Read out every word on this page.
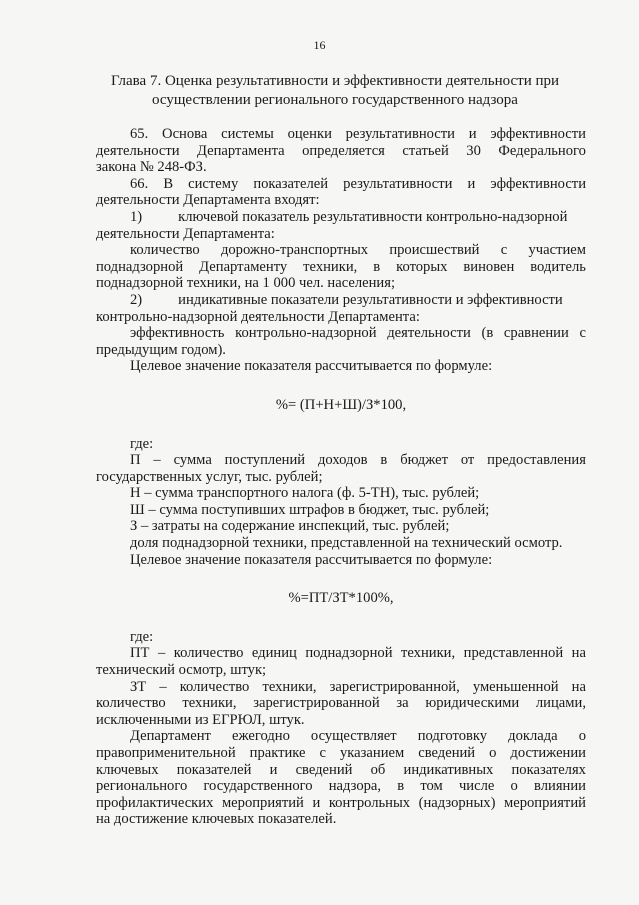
16
Глава 7. Оценка результативности и эффективности деятельности при
осуществлении регионального государственного надзора
65. Основа системы оценки результативности и эффективности
деятельности Департамента определяется статьей 30 Федерального
закона № 248-ФЗ.
66. В систему показателей результативности и эффективности
деятельности Департамента входят:
1) ключевой показатель результативности контрольно-надзорной
деятельности Департамента:
количество дорожно-транспортных происшествий с участием
поднадзорной Департаменту техники, в которых виновен водитель
поднадзорной техники, на 1 000 чел. населения;
2) индикативные показатели результативности и эффективности
контрольно-надзорной деятельности Департамента:
эффективность контрольно-надзорной деятельности (в сравнении с
предыдущим годом).
Целевое значение показателя рассчитывается по формуле:
%= (П+Н+Ш)/З*100,
где:
П – сумма поступлений доходов в бюджет от предоставления
государственных услуг, тыс. рублей;
Н – сумма транспортного налога (ф. 5-ТН), тыс. рублей;
Ш – сумма поступивших штрафов в бюджет, тыс. рублей;
З – затраты на содержание инспекций, тыс. рублей;
доля поднадзорной техники, представленной на технический осмотр.
Целевое значение показателя рассчитывается по формуле:
%=ПТ/ЗТ*100%,
где:
ПТ – количество единиц поднадзорной техники, представленной на
технический осмотр, штук;
ЗТ – количество техники, зарегистрированной, уменьшенной на
количество техники, зарегистрированной за юридическими лицами,
исключенными из ЕГРЮЛ, штук.
Департамент ежегодно осуществляет подготовку доклада о
правоприменительной практике с указанием сведений о достижении
ключевых показателей и сведений об индикативных показателях
регионального государственного надзора, в том числе о влиянии
профилактических мероприятий и контрольных (надзорных) мероприятий
на достижение ключевых показателей.
